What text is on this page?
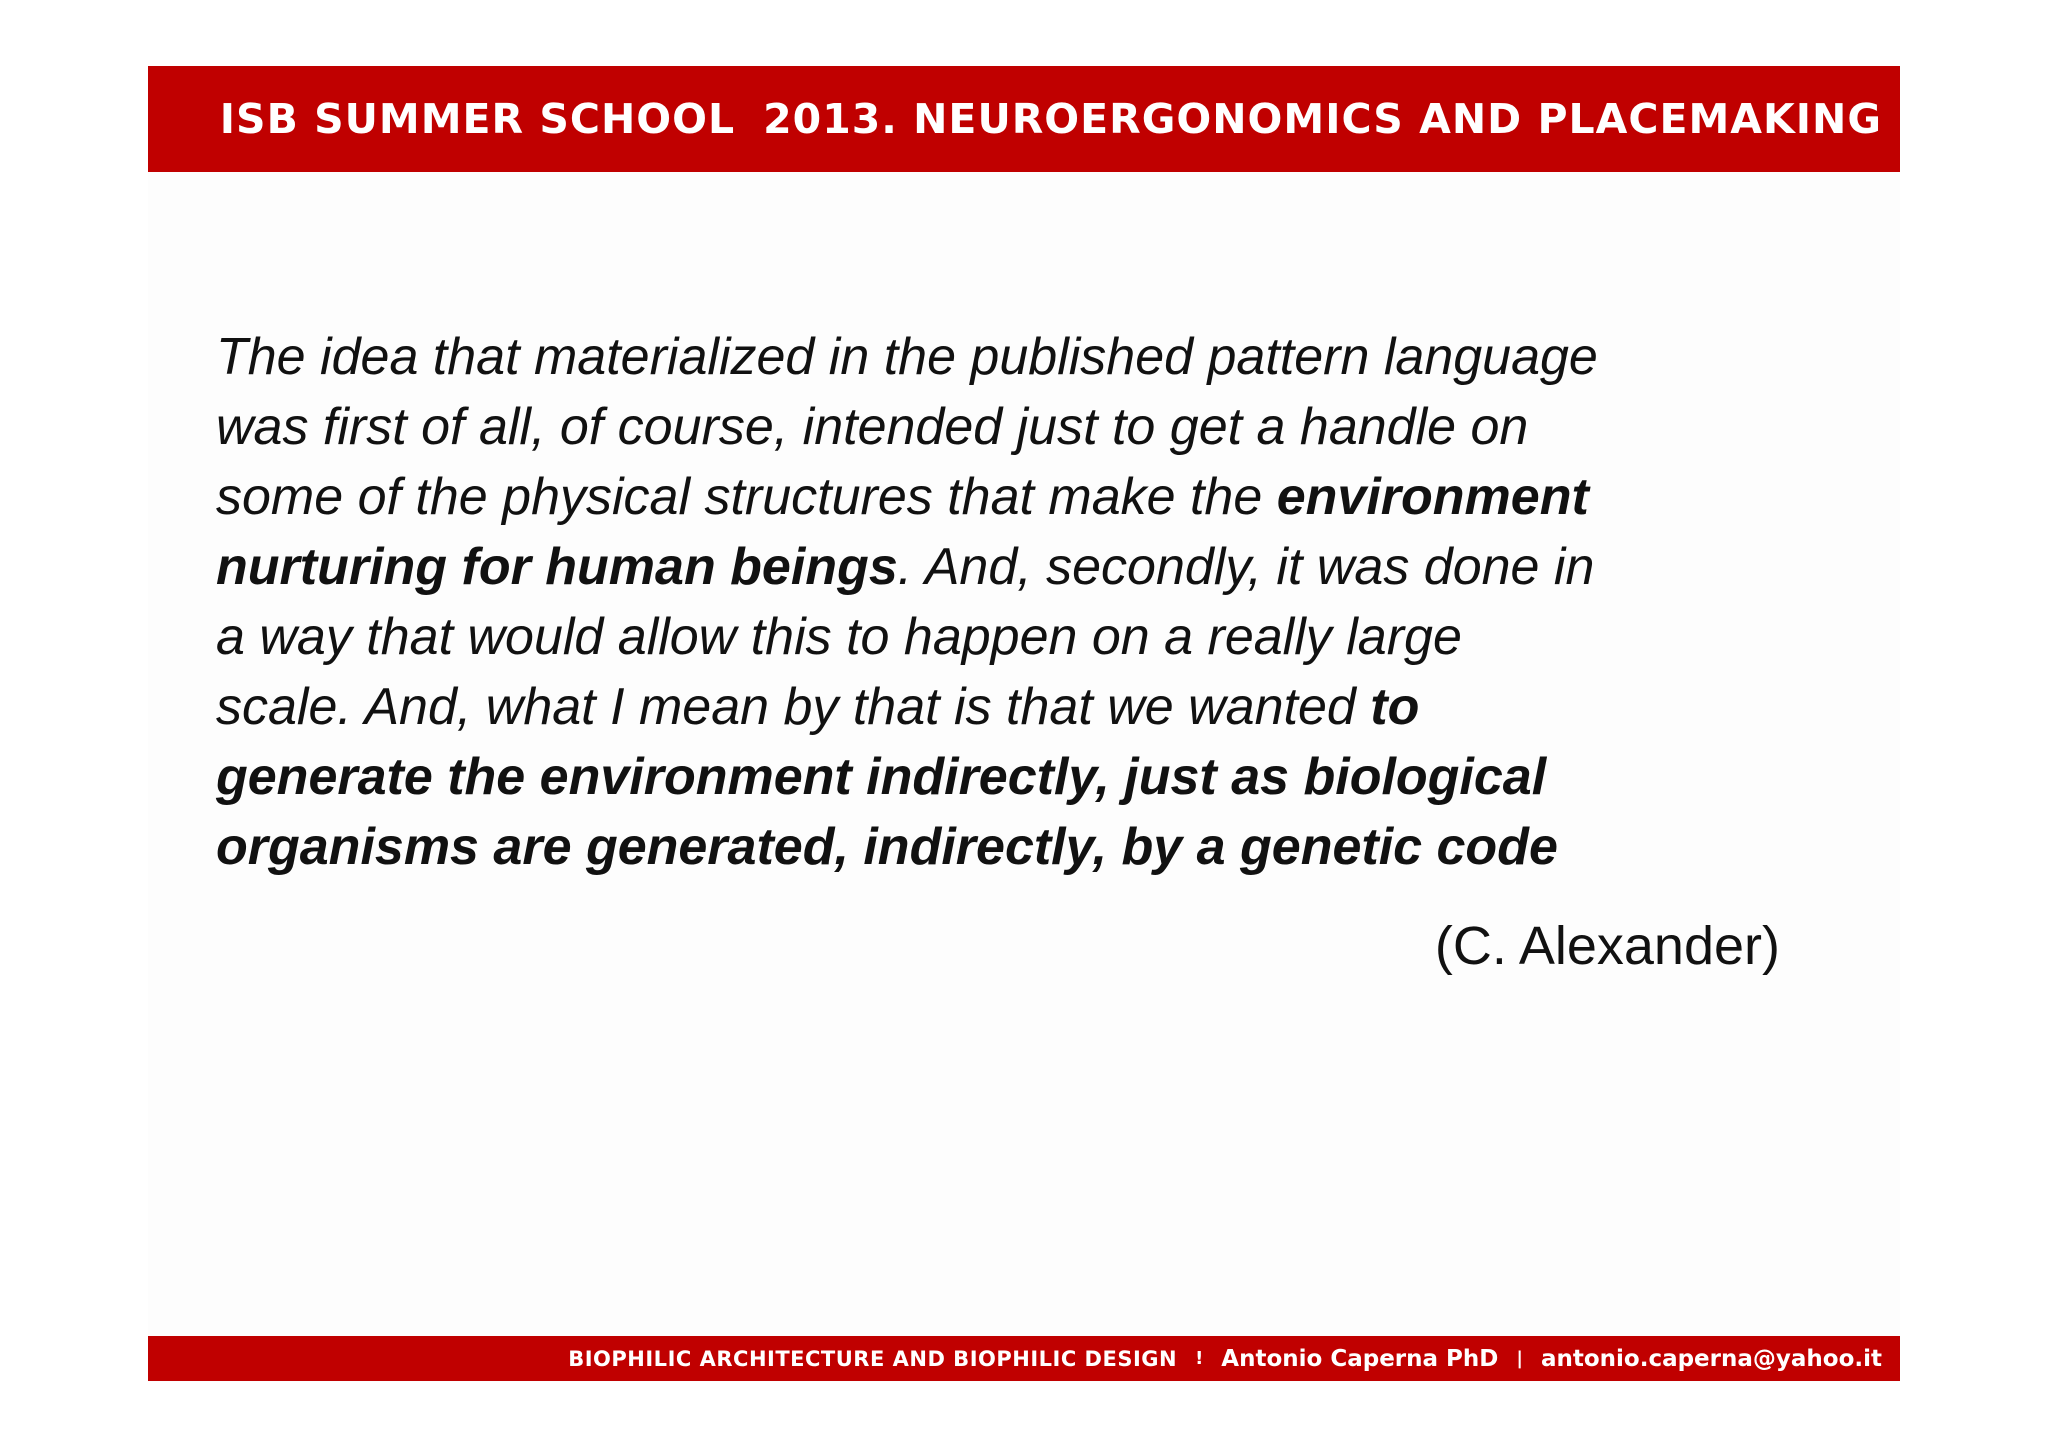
ISB SUMMER SCHOOL 2013. NEUROERGONOMICS AND PLACEMAKING

The idea that materialized in the published pattern language
was first of all, of course, intended just to get a handle on
some of the physical structures that make the environment
nurturing for human beings. And, secondly, it was done in
a way that would allow this to happen on a really large
scale. And, what I mean by that is that we wanted to
generate the environment indirectly, just as biological
organisms are generated, indirectly, by a genetic code

(C. Alexander)
BIOPHILIC ARCHITECTURE AND BIOPHILIC DESIGN ! Antonio Caperna PhD | antonio.caperna@yahoo.it
